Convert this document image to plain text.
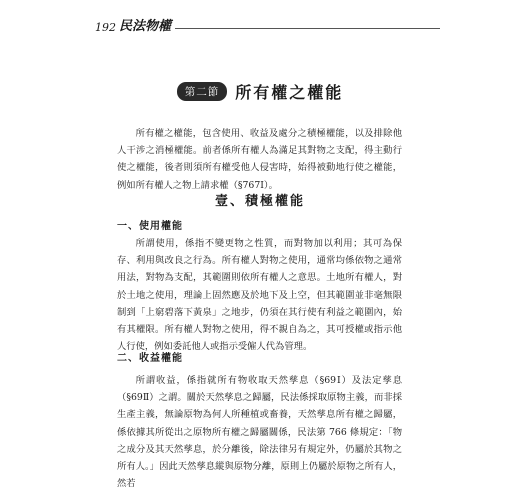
192 民法物權
第二節	所有權之權能

所有權之權能，包含使用、收益及處分之積極權能，以及排除他人干涉之消極權能。前者係所有權人為滿足其對物之支配，得主動行使之權能，後者則須所有權受他人侵害時，始得被動地行使之權能，例如所有權人之物上請求權（§767Ⅰ）。

壹、積極權能
一、使用權能

所謂使用，係指不變更物之性質，而對物加以利用；其可為保存、利用與改良之行為。所有權人對物之使用，通常均係依物之通常用法，對物為支配，其範圍則依所有權人之意思。土地所有權人，對於土地之使用，理論上固然應及於地下及上空，但其範圍並非毫無限制到「上窮碧落下黃泉」之地步，仍須在其行使有利益之範圍內，始有其權限。所有權人對物之使用，得不親自為之，其可授權或指示他人行使，例如委託他人或指示受僱人代為管理。

二、收益權能

所謂收益，係指就所有物收取天然孳息（§69Ⅰ）及法定孳息（§69Ⅱ）之謂。關於天然孳息之歸屬，民法係採取原物主義，而非採生產主義，無論原物為何人所種植或畜養，天然孳息所有權之歸屬，係依據其所從出之原物所有權之歸屬關係，民法第 766 條規定：「物之成分及其天然孳息，於分離後，除法律另有規定外，仍屬於其物之所有人。」因此天然孳息縱與原物分離，原則上仍屬於原物之所有人，然若
